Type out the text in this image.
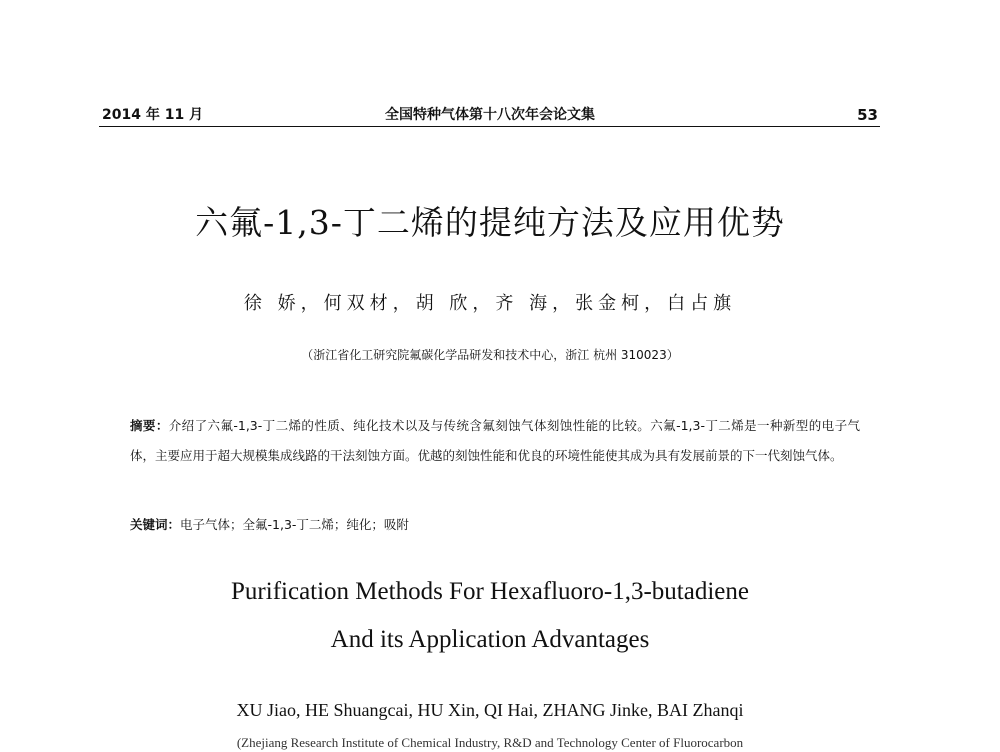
2014 年 11 月	全国特种气体第十八次年会论文集	53
六氟-1,3-丁二烯的提纯方法及应用优势
徐 娇，何双材，胡 欣，齐 海，张金柯，白占旗
（浙江省化工研究院氟碳化学品研发和技术中心，浙江 杭州 310023）
摘要：介绍了六氟-1,3-丁二烯的性质、纯化技术以及与传统含氟刻蚀气体刻蚀性能的比较。六氟-1,3-丁二烯是一种新型的电子气体，主要应用于超大规模集成线路的干法刻蚀方面。优越的刻蚀性能和优良的环境性能使其成为具有发展前景的下一代刻蚀气体。
关键词：电子气体；全氟-1,3-丁二烯；纯化；吸附
Purification Methods For Hexafluoro-1,3-butadiene
And its Application Advantages
XU Jiao, HE Shuangcai, HU Xin, QI Hai, ZHANG Jinke, BAI Zhanqi
(Zhejiang Research Institute of Chemical Industry, R&D and Technology Center of Fluorocarbon
